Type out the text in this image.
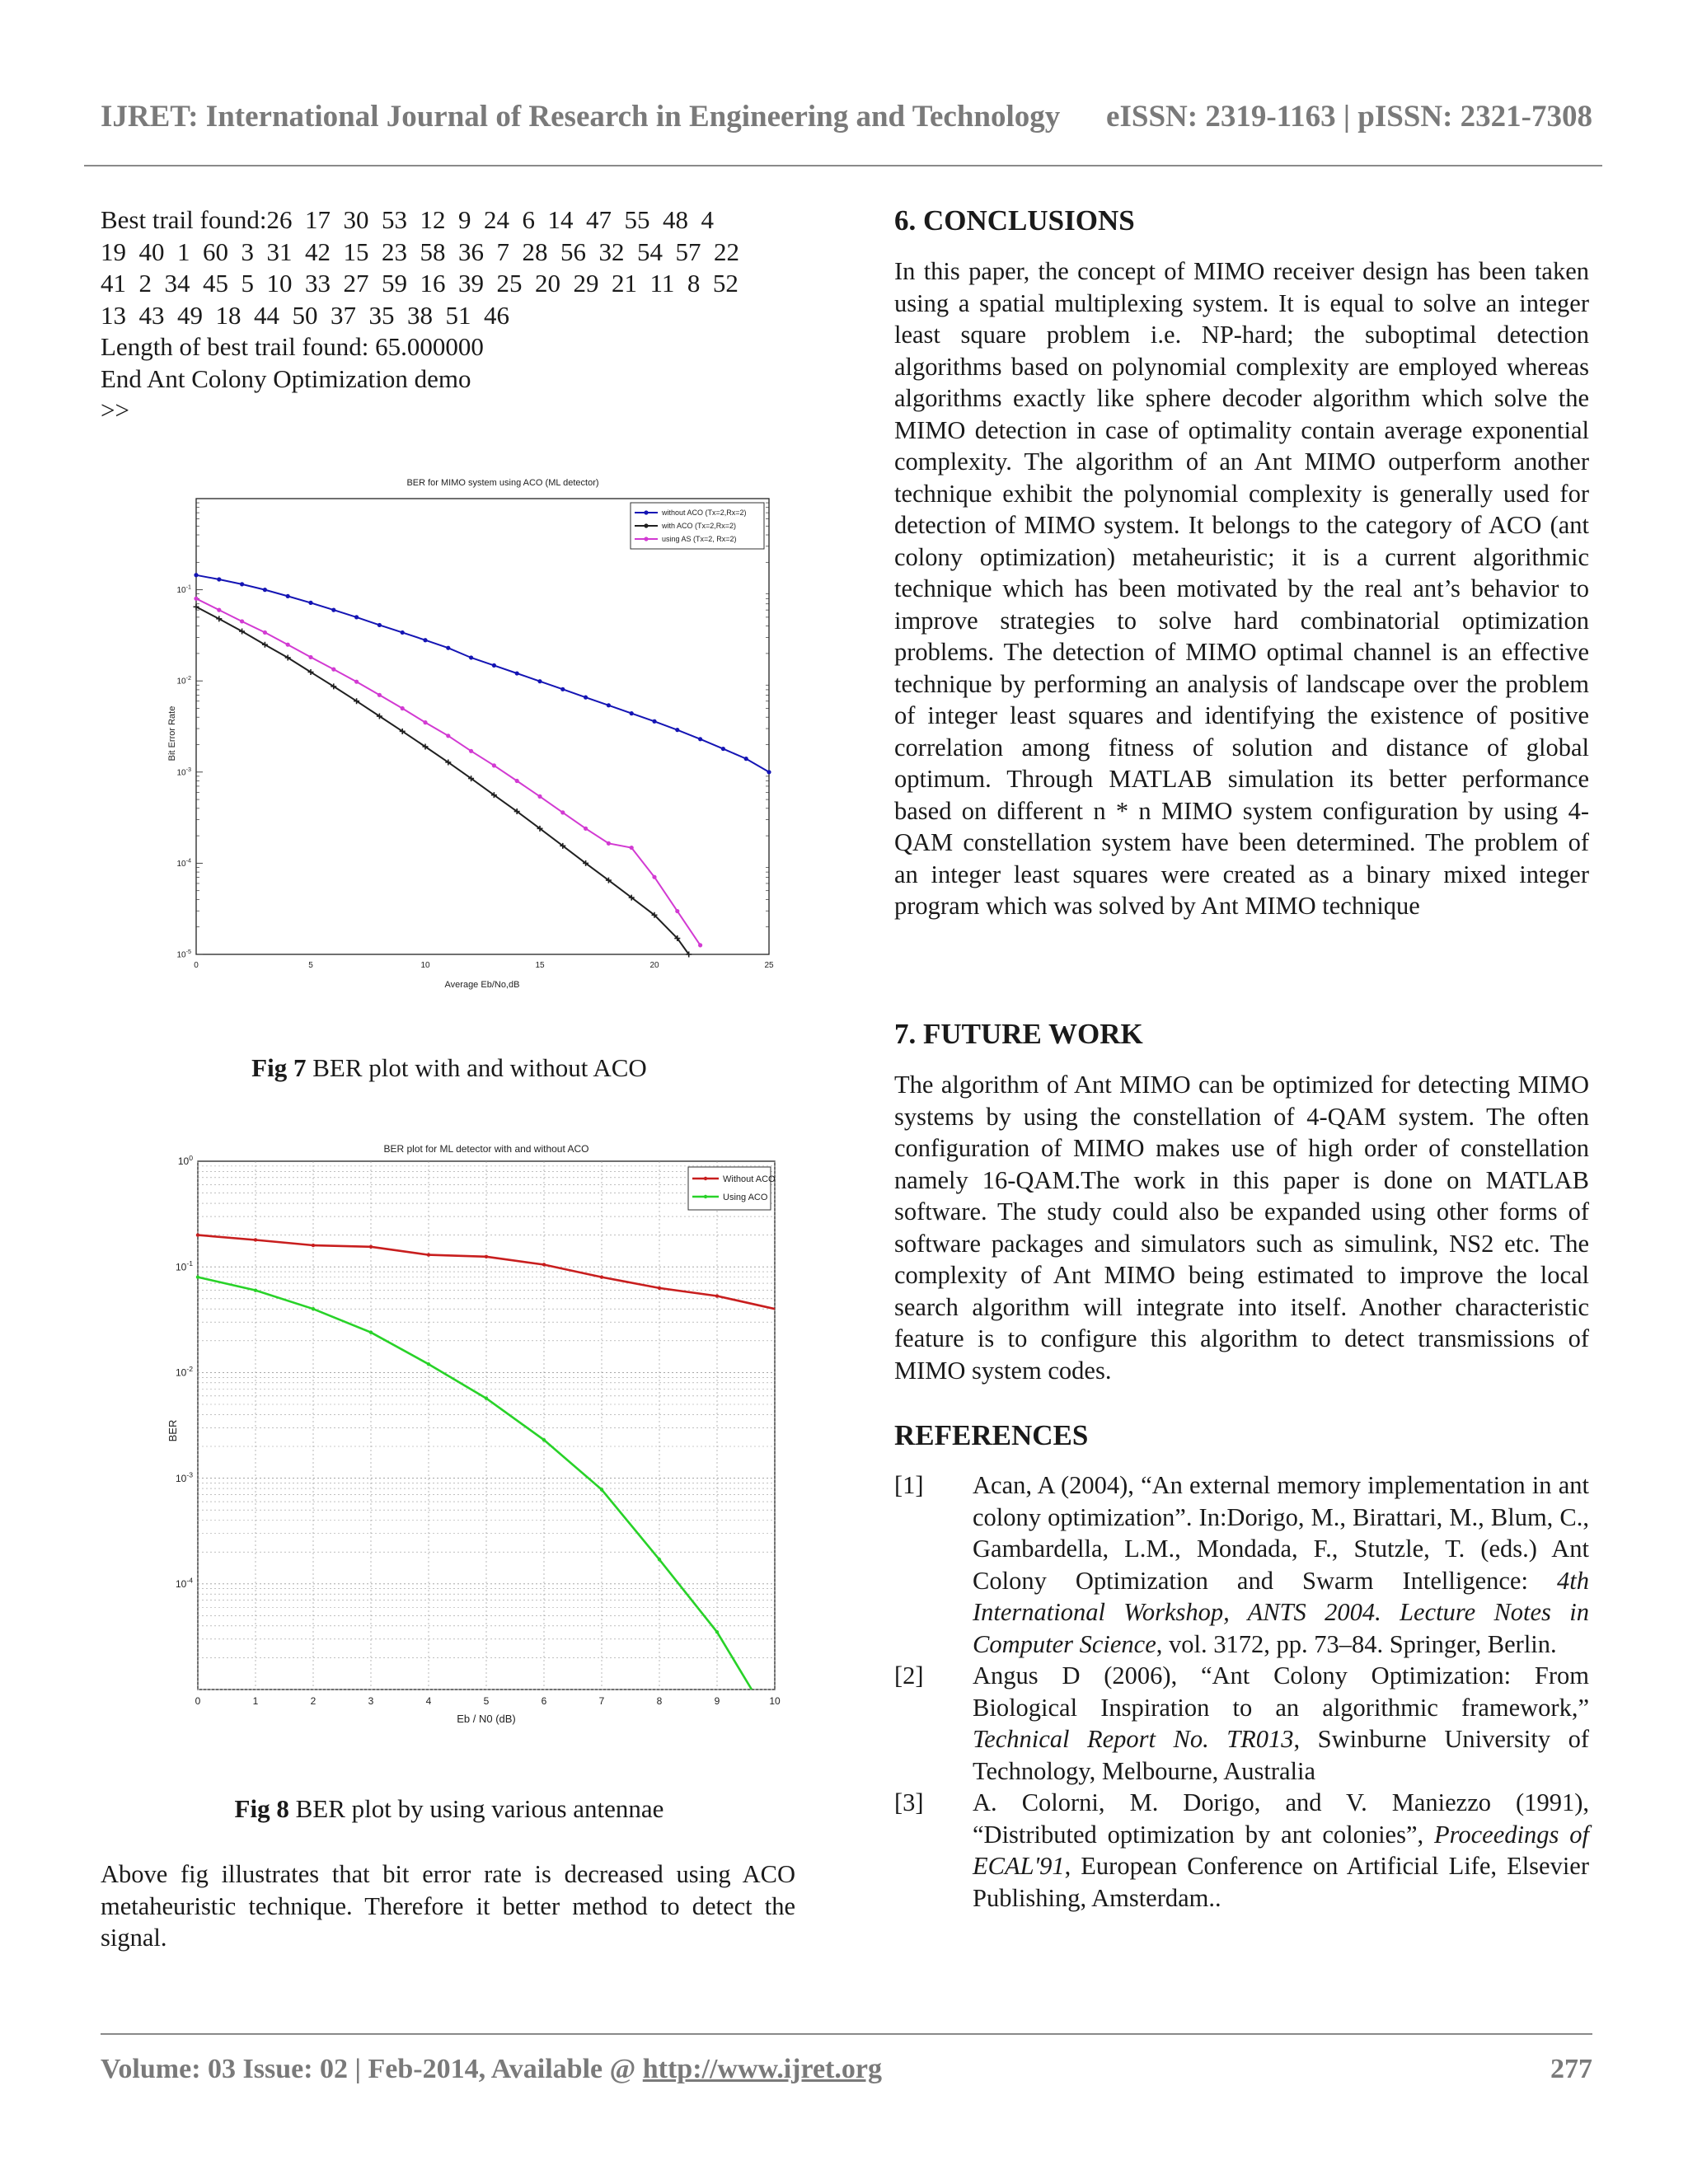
IJRET: International Journal of Research in Engineering and Technology eISSN: 2319-1163 | pISSN: 2321-7308
Best trail found:26  17  30  53  12  9  24  6  14  47  55  48  4
19  40  1  60  3  31  42  15  23  58  36  7  28  56  32  54  57  22
41  2  34  45  5  10  33  27  59  16  39  25  20  29  21  11  8  52
13  43  49  18  44  50  37  35  38  51  46
Length of best trail found: 65.000000
End Ant Colony Optimization demo
>>
BER for MIMO system using ACO (ML detector)
0	5	10	15	20	25
$10^{-5}$
$10^{-4}$
$10^{-3}$
$10^{-2}$
$10^{-1}$
Average Eb/No,dB
Bit Error Rate
without ACO (Tx=2,Rx=2)
with ACO (Tx=2,Rx=2)
using AS (Tx=2, Rx=2)
Fig 7 BER plot with and without ACO
BER plot for ML detector with and without ACO
0	1	2	3	4	5	6	7	8	9	10
$10^0$
$10^{-1}$
$10^{-2}$
$10^{-3}$
$10^{-4}$
Eb / N0 (dB)
BER
Without ACO
Using ACO
Fig 8 BER plot by using various antennae
Above fig illustrates that bit error rate is decreased using ACO metaheuristic technique. Therefore it better method to detect the signal.
6. CONCLUSIONS
In this paper, the concept of MIMO receiver design has been taken using a spatial multiplexing system. It is equal to solve an integer least square problem i.e. NP-hard; the suboptimal detection algorithms based on polynomial complexity are employed whereas algorithms exactly like sphere decoder algorithm which solve the MIMO detection in case of optimality contain average exponential complexity. The algorithm of an Ant MIMO outperform another technique exhibit the polynomial complexity is generally used for detection of MIMO system. It belongs to the category of ACO (ant colony optimization) metaheuristic; it is a current algorithmic technique which has been motivated by the real ant’s behavior to improve strategies to solve hard combinatorial optimization problems. The detection of MIMO optimal channel is an effective technique by performing an analysis of landscape over the problem of integer least squares and identifying the existence of positive correlation among fitness of solution and distance of global optimum. Through MATLAB simulation its better performance based on different n * n MIMO system configuration by using 4-QAM constellation system have been determined. The problem of an integer least squares were created as a binary mixed integer program which was solved by Ant MIMO technique
7. FUTURE WORK
The algorithm of Ant MIMO can be optimized for detecting MIMO systems by using the constellation of 4-QAM system. The often configuration of MIMO makes use of high order of constellation namely 16-QAM.The work in this paper is done on MATLAB software. The study could also be expanded using other forms of software packages and simulators such as simulink, NS2 etc. The complexity of Ant MIMO being estimated to improve the local search algorithm will integrate into itself. Another characteristic feature is to configure this algorithm to detect transmissions of MIMO system codes.
REFERENCES
[1]	Acan, A (2004), “An external memory implementation in ant colony optimization”. In:Dorigo, M., Birattari, M., Blum, C., Gambardella, L.M., Mondada, F., Stutzle, T. (eds.) Ant Colony Optimization and Swarm Intelligence: 4th International Workshop, ANTS 2004. Lecture Notes in Computer Science, vol. 3172, pp. 73–84. Springer, Berlin.
[2]	Angus D (2006), “Ant Colony Optimization: From Biological Inspiration to an algorithmic framework,” Technical Report No. TR013, Swinburne University of Technology, Melbourne, Australia
[3]	A. Colorni, M. Dorigo, and V. Maniezzo (1991), “Distributed optimization by ant colonies”, Proceedings of ECAL'91, European Conference on Artificial Life, Elsevier Publishing, Amsterdam..
Volume: 03 Issue: 02 | Feb-2014, Available @ http://www.ijret.org	277
